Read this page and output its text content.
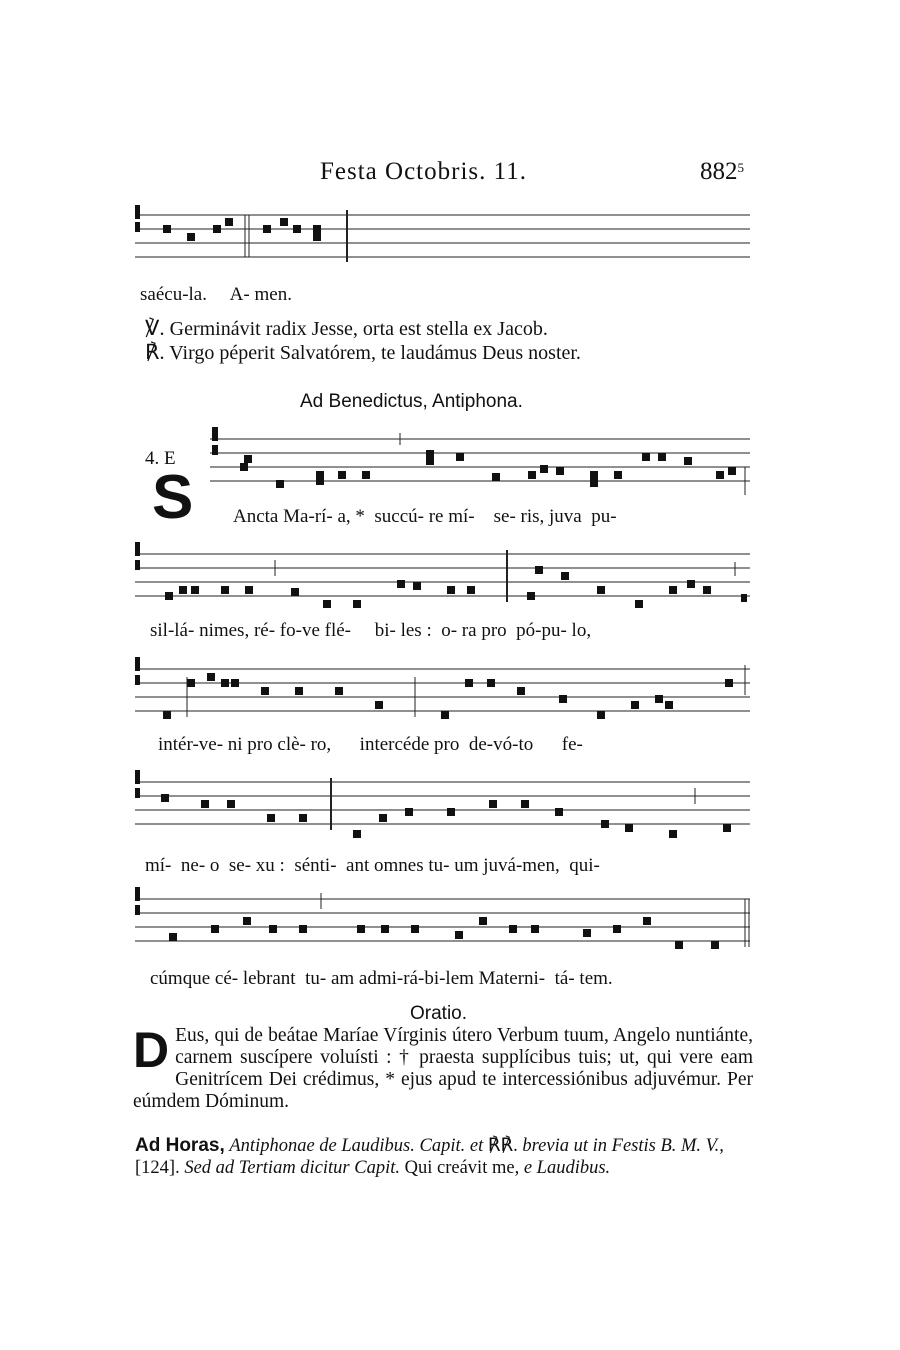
Festa Octobris. 11.	$882^5$
saécu-la.     A- men.
℣. Germinávit radix Jesse, orta est stella ex Jacob.
℟. Virgo péperit Salvatórem, te laudámus Deus noster.
Ad Benedictus, Antiphona.
4. E
S Ancta Ma-rí- a, *  succú- re mí-    se- ris, juva  pu-
sil-lá- nimes, ré- fo-ve flé-     bi- les :  o- ra pro  pó-pu- lo,
intér-ve- ni pro clè- ro,      intercéde pro  de-vó-to      fe-
mí-  ne- o  se- xu :  sénti-  ant omnes tu- um juvá-men,  qui-
cúmque cé- lebrant  tu- am admi-rá-bi-lem Materni-  tá- tem.
Oratio.
D Eus, qui de beátae Maríae Vírginis útero Verbum tuum, Angelo nuntiánte, carnem suscípere voluísti : † praesta supplícibus tuis; ut, qui vere eam Genitrícem Dei crédimus, * ejus apud te intercessiónibus adjuvémur. Per eúmdem Dóminum.
Ad Horas, Antiphonae de Laudibus. Capit. et ℟℟. brevia ut in Festis B. M. V., [124]. Sed ad Tertiam dicitur Capit. Qui creávit me, e Laudibus.
